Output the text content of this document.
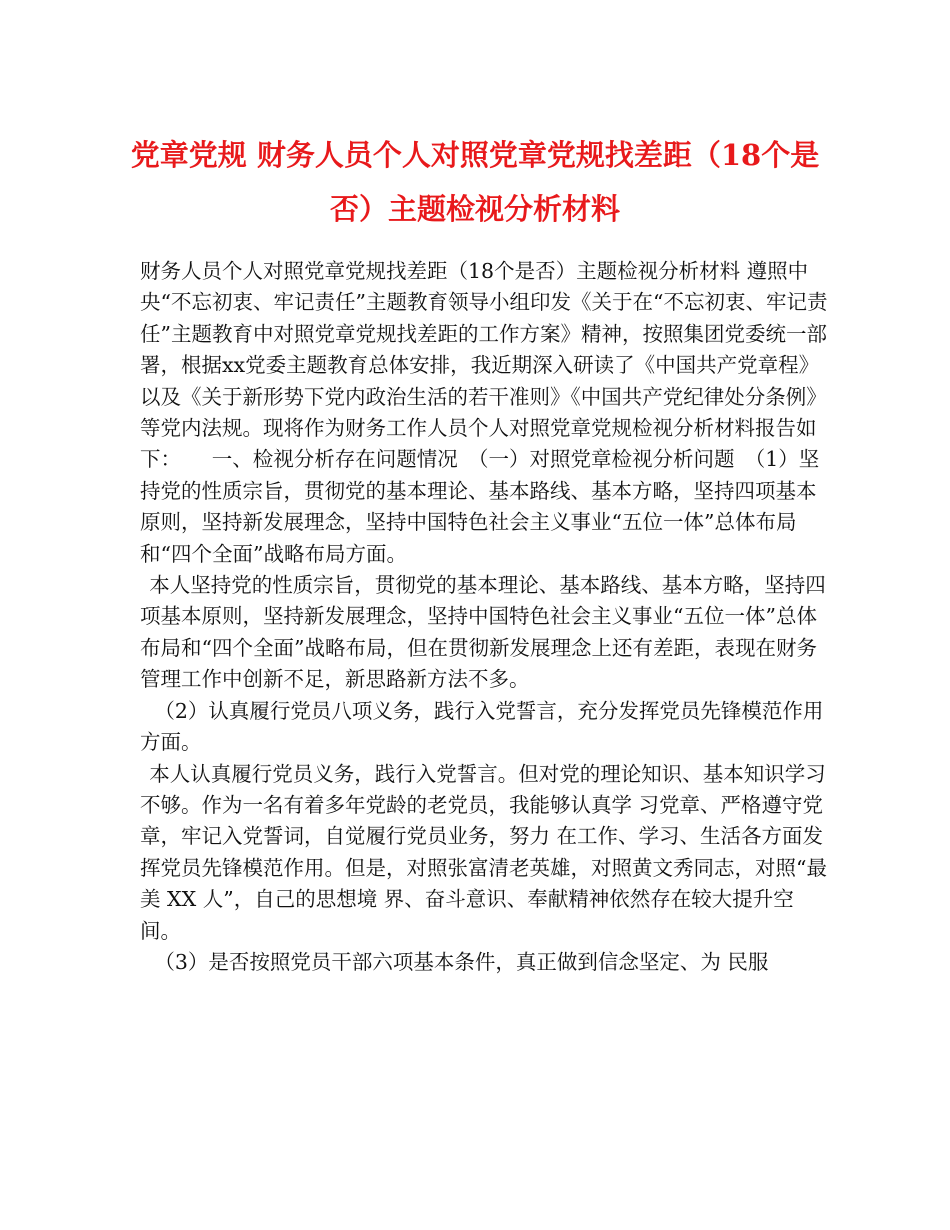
党章党规 财务人员个人对照党章党规找差距（18个是否）主题检视分析材料

财务人员个人对照党章党规找差距（18个是否）主题检视分析材料 遵照中央“不忘初衷、牢记责任”主题教育领导小组印发《关于在“不忘初衷、牢记责任”主题教育中对照党章党规找差距的工作方案》精神，按照集团党委统一部署，根据xx党委主题教育总体安排，我近期深入研读了《中国共产党章程》以及《关于新形势下党内政治生活的若干准则》《中国共产党纪律处分条例》等党内法规。现将作为财务工作人员个人对照党章党规检视分析材料报告如下：　　一、检视分析存在问题情况　（一）对照党章检视分析问题　（1）坚持党的性质宗旨，贯彻党的基本理论、基本路线、基本方略，坚持四项基本原则，坚持新发展理念，坚持中国特色社会主义事业“五位一体”总体布局和“四个全面”战略布局方面。

本人坚持党的性质宗旨，贯彻党的基本理论、基本路线、基本方略，坚持四项基本原则，坚持新发展理念，坚持中国特色社会主义事业“五位一体”总体布局和“四个全面”战略布局，但在贯彻新发展理念上还有差距，表现在财务管理工作中创新不足，新思路新方法不多。

（2）认真履行党员八项义务，践行入党誓言，充分发挥党员先锋模范作用方面。

本人认真履行党员义务，践行入党誓言。但对党的理论知识、基本知识学习不够。作为一名有着多年党龄的老党员，我能够认真学 习党章、严格遵守党章，牢记入党誓词，自觉履行党员业务，努力 在工作、学习、生活各方面发挥党员先锋模范作用。但是，对照张富清老英雄，对照黄文秀同志，对照“最美 XX 人”，自己的思想境 界、奋斗意识、奉献精神依然存在较大提升空间。

（3）是否按照党员干部六项基本条件，真正做到信念坚定、为 民服
